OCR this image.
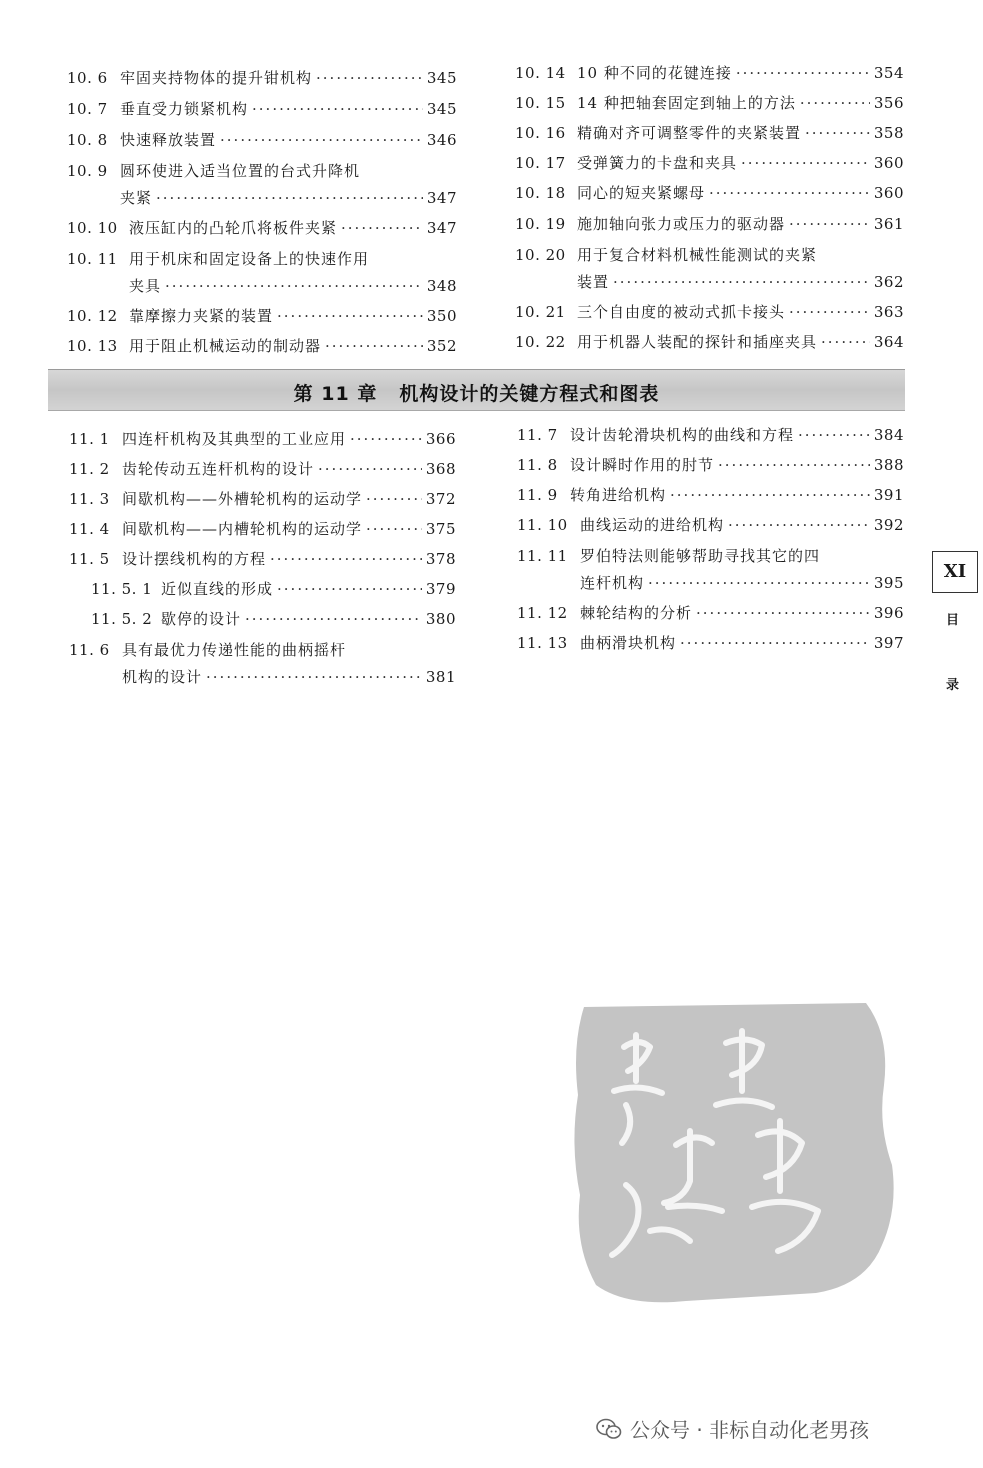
10. 6 牢固夹持物体的提升钳机构 ·····	345
10. 7 垂直受力锁紧机构 ·····	345
10. 8 快速释放装置 ·····	346
10. 9 圆环使进入适当位置的台式升降机
夹紧 ·····	347
10. 10 液压缸内的凸轮爪将板件夹紧 ·····	347
10. 11 用于机床和固定设备上的快速作用
夹具 ·····	348
10. 12 靠摩擦力夹紧的装置 ·····	350
10. 13 用于阻止机械运动的制动器 ·····	352
10. 14 10 种不同的花键连接 ·····	354
10. 15 14 种把轴套固定到轴上的方法 ·····	356
10. 16 精确对齐可调整零件的夹紧装置 ·····	358
10. 17 受弹簧力的卡盘和夹具 ·····	360
10. 18 同心的短夹紧螺母 ·····	360
10. 19 施加轴向张力或压力的驱动器 ·····	361
10. 20 用于复合材料机械性能测试的夹紧
装置 ·····	362
10. 21 三个自由度的被动式抓卡接头 ·····	363
10. 22 用于机器人装配的探针和插座夹具 ·····	364
第 11 章 机构设计的关键方程式和图表
11. 1 四连杆机构及其典型的工业应用 ·····	366
11. 2 齿轮传动五连杆机构的设计 ·····	368
11. 3 间歇机构——外槽轮机构的运动学 ·····	372
11. 4 间歇机构——内槽轮机构的运动学 ·····	375
11. 5 设计摆线机构的方程 ·····	378
11. 5. 1 近似直线的形成 ·····	379
11. 5. 2 歇停的设计 ·····	380
11. 6 具有最优力传递性能的曲柄摇杆
机构的设计 ·····	381
11. 7 设计齿轮滑块机构的曲线和方程 ·····	384
11. 8 设计瞬时作用的肘节 ·····	388
11. 9 转角进给机构 ·····	391
11. 10 曲线运动的进给机构 ·····	392
11. 11 罗伯特法则能够帮助寻找其它的四
连杆机构 ·····	395
11. 12 棘轮结构的分析 ·····	396
11. 13 曲柄滑块机构 ·····	397
XI
目
录
公众号 · 非标自动化老男孩
